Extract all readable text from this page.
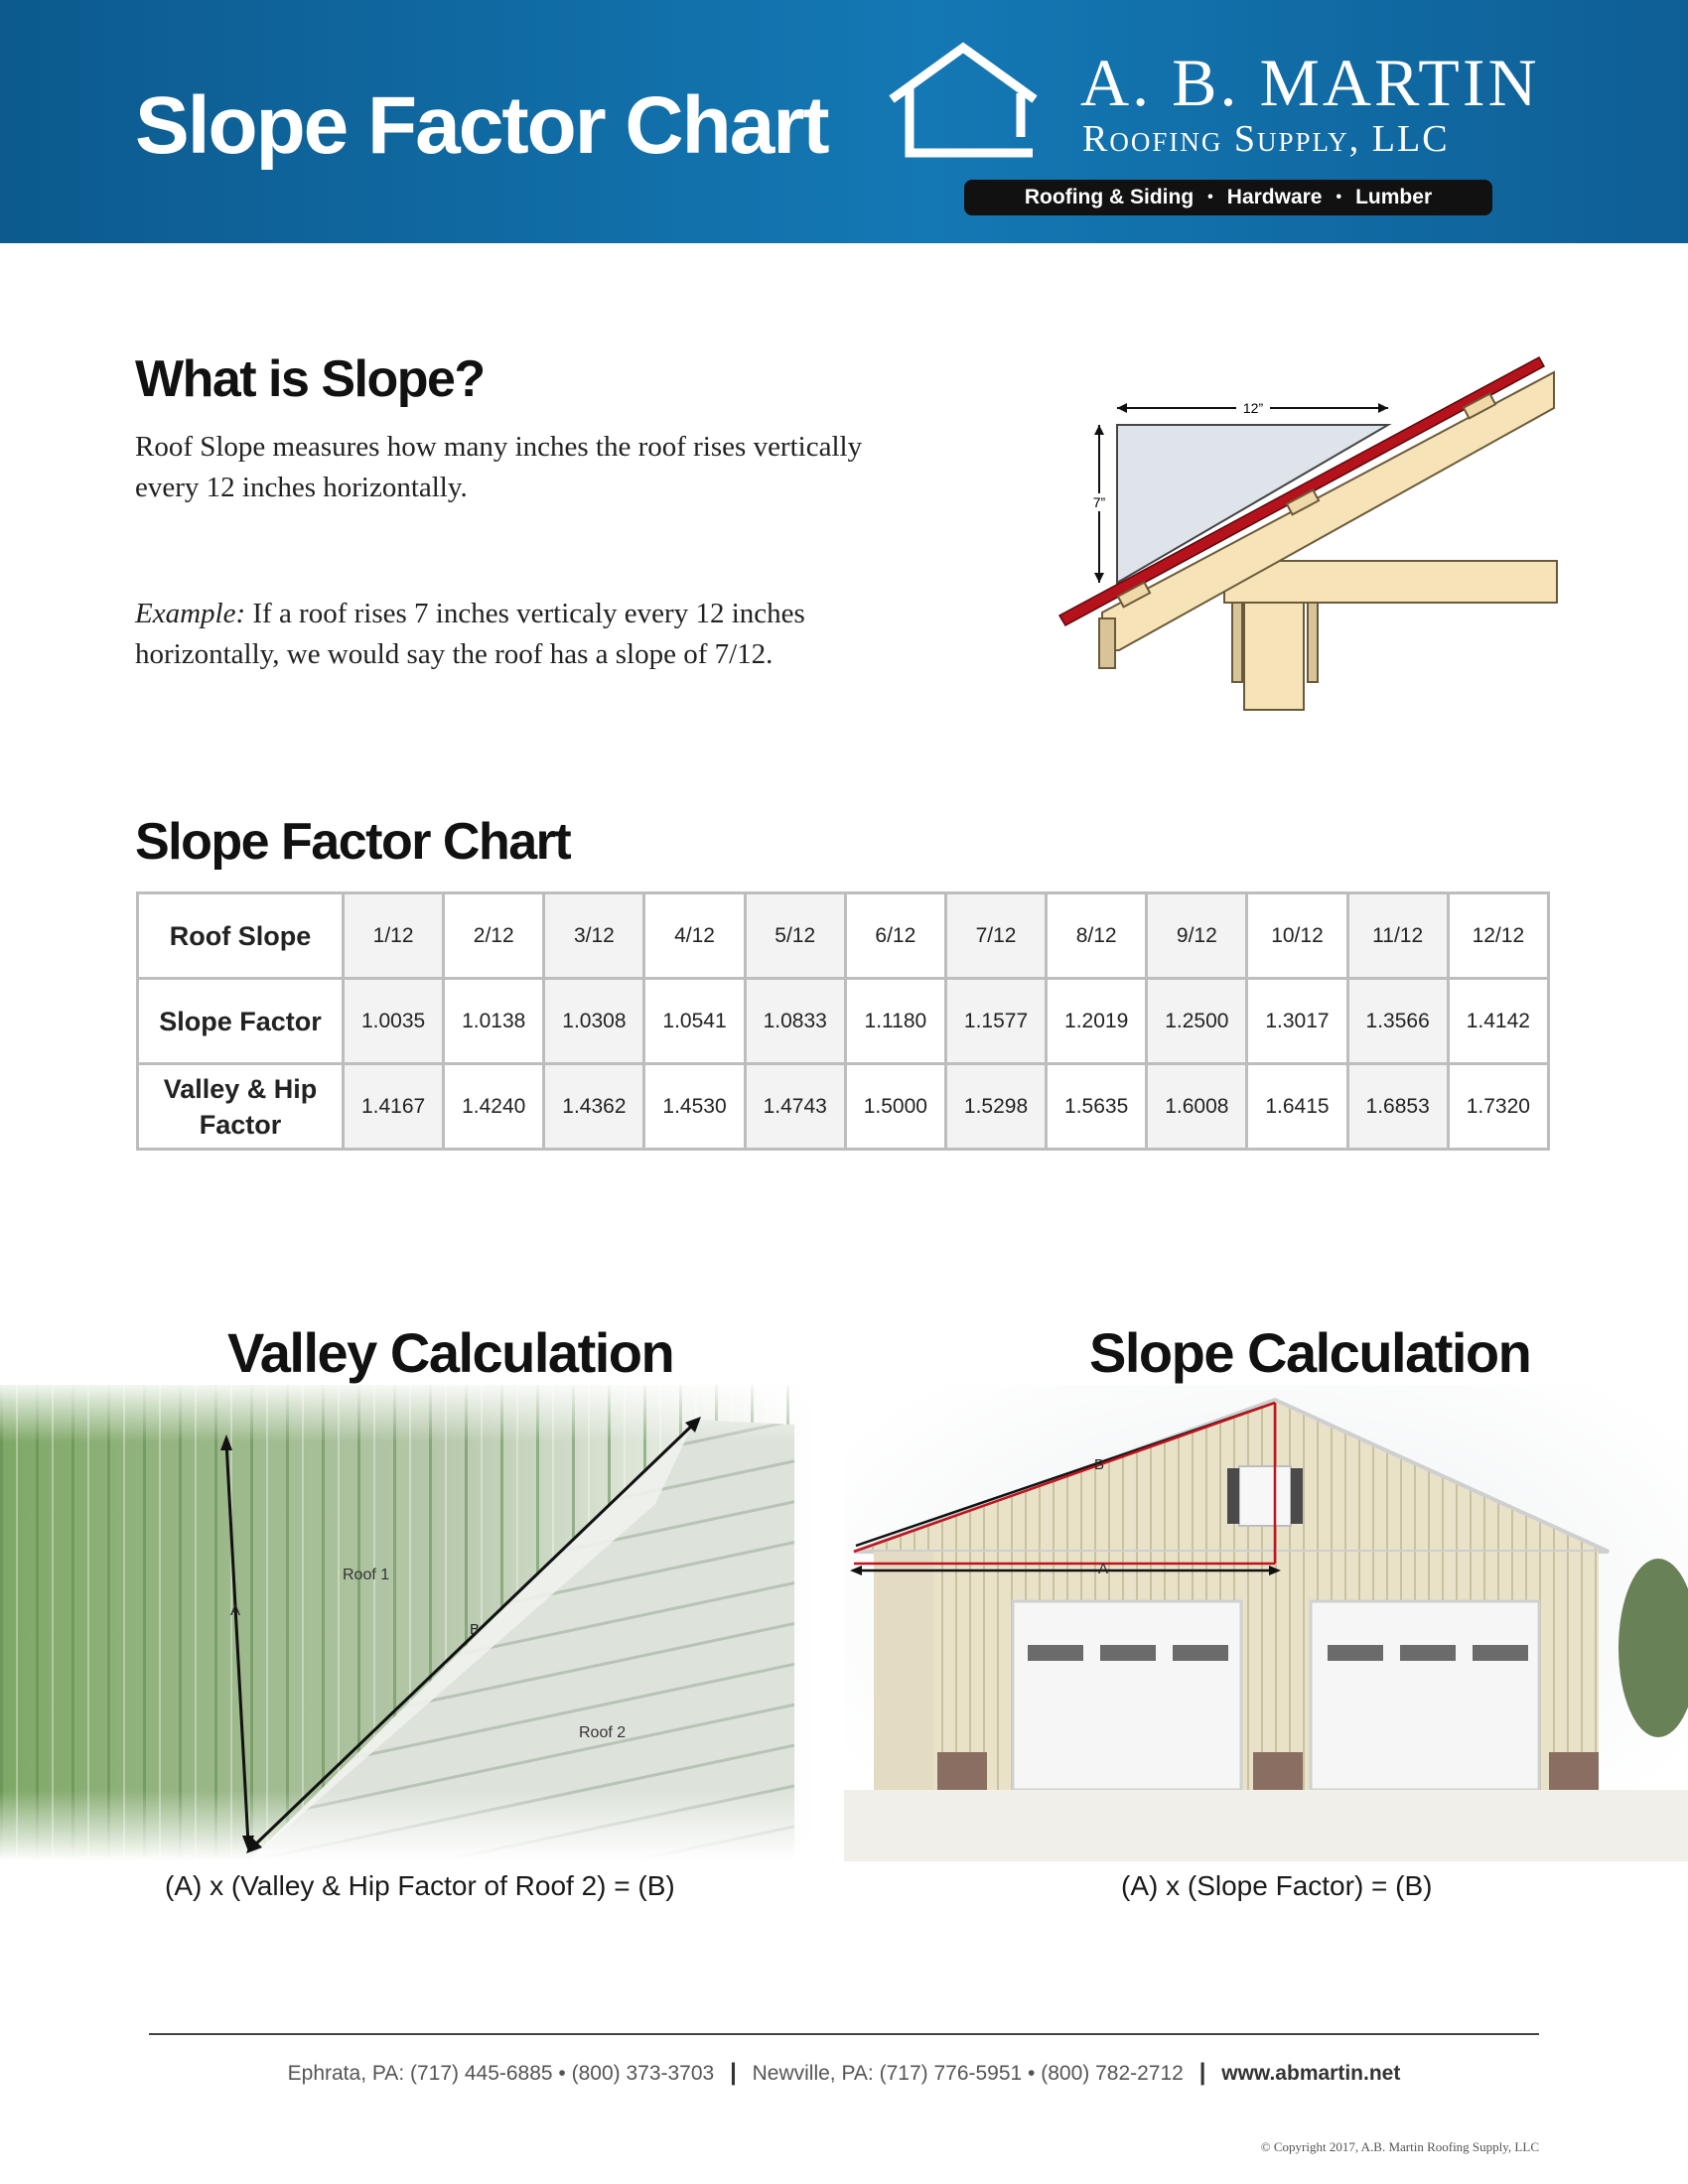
Slope Factor Chart	A. B. MARTIN
Roofing Supply, LLC
Roofing & Siding • Hardware • Lumber
What is Slope?
Roof Slope measures how many inches the roof rises vertically every 12 inches horizontally.
Example: If a roof rises 7 inches verticaly every 12 inches horizontally, we would say the roof has a slope of 7/12.
12”
7”
Slope Factor Chart
Roof Slope	1/12	2/12	3/12	4/12	5/12	6/12	7/12	8/12	9/12	10/12	11/12	12/12
Slope Factor	1.0035	1.0138	1.0308	1.0541	1.0833	1.1180	1.1577	1.2019	1.2500	1.3017	1.3566	1.4142
Valley & Hip Factor	1.4167	1.4240	1.4362	1.4530	1.4743	1.5000	1.5298	1.5635	1.6008	1.6415	1.6853	1.7320
Valley Calculation
A
B
Roof 1
Roof 2
(A) x (Valley & Hip Factor of Roof 2) = (B)
Slope Calculation
A
B
(A) x (Slope Factor) = (B)
Ephrata, PA: (717) 445-6885 • (800) 373-3703 | Newville, PA: (717) 776-5951 • (800) 782-2712 | www.abmartin.net
© Copyright 2017, A.B. Martin Roofing Supply, LLC
